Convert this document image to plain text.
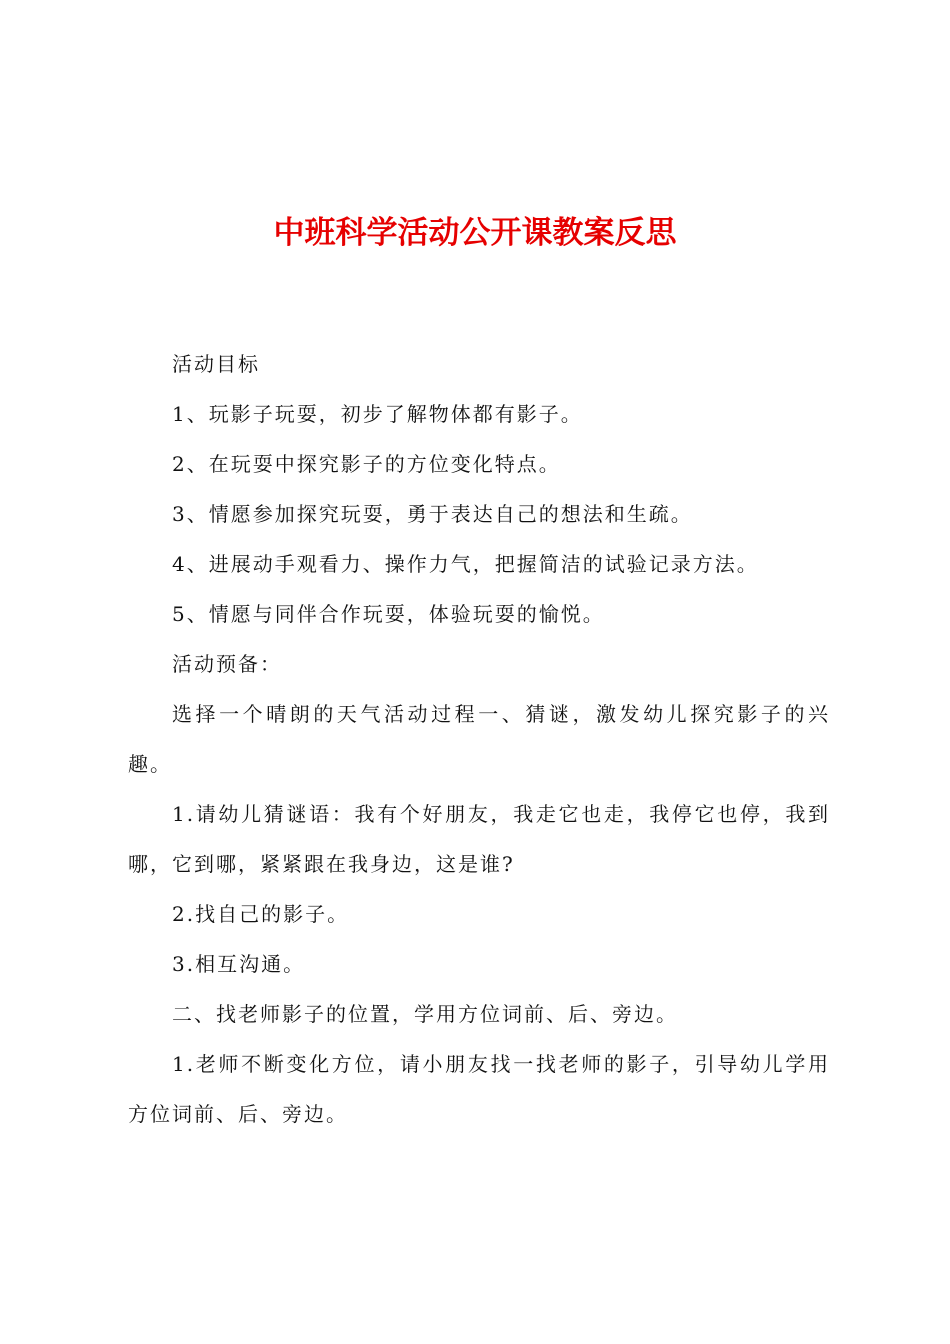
中班科学活动公开课教案反思

活动目标

1、玩影子玩耍，初步了解物体都有影子。

2、在玩耍中探究影子的方位变化特点。

3、情愿参加探究玩耍，勇于表达自己的想法和生疏。

4、进展动手观看力、操作力气，把握简洁的试验记录方法。

5、情愿与同伴合作玩耍，体验玩耍的愉悦。

活动预备：

选择一个晴朗的天气活动过程一、猜谜，激发幼儿探究影子的兴趣。

1.请幼儿猜谜语：我有个好朋友，我走它也走，我停它也停，我到哪，它到哪，紧紧跟在我身边，这是谁?

2.找自己的影子。

3.相互沟通。

二、找老师影子的位置，学用方位词前、后、旁边。

1.老师不断变化方位，请小朋友找一找老师的影子，引导幼儿学用方位词前、后、旁边。
